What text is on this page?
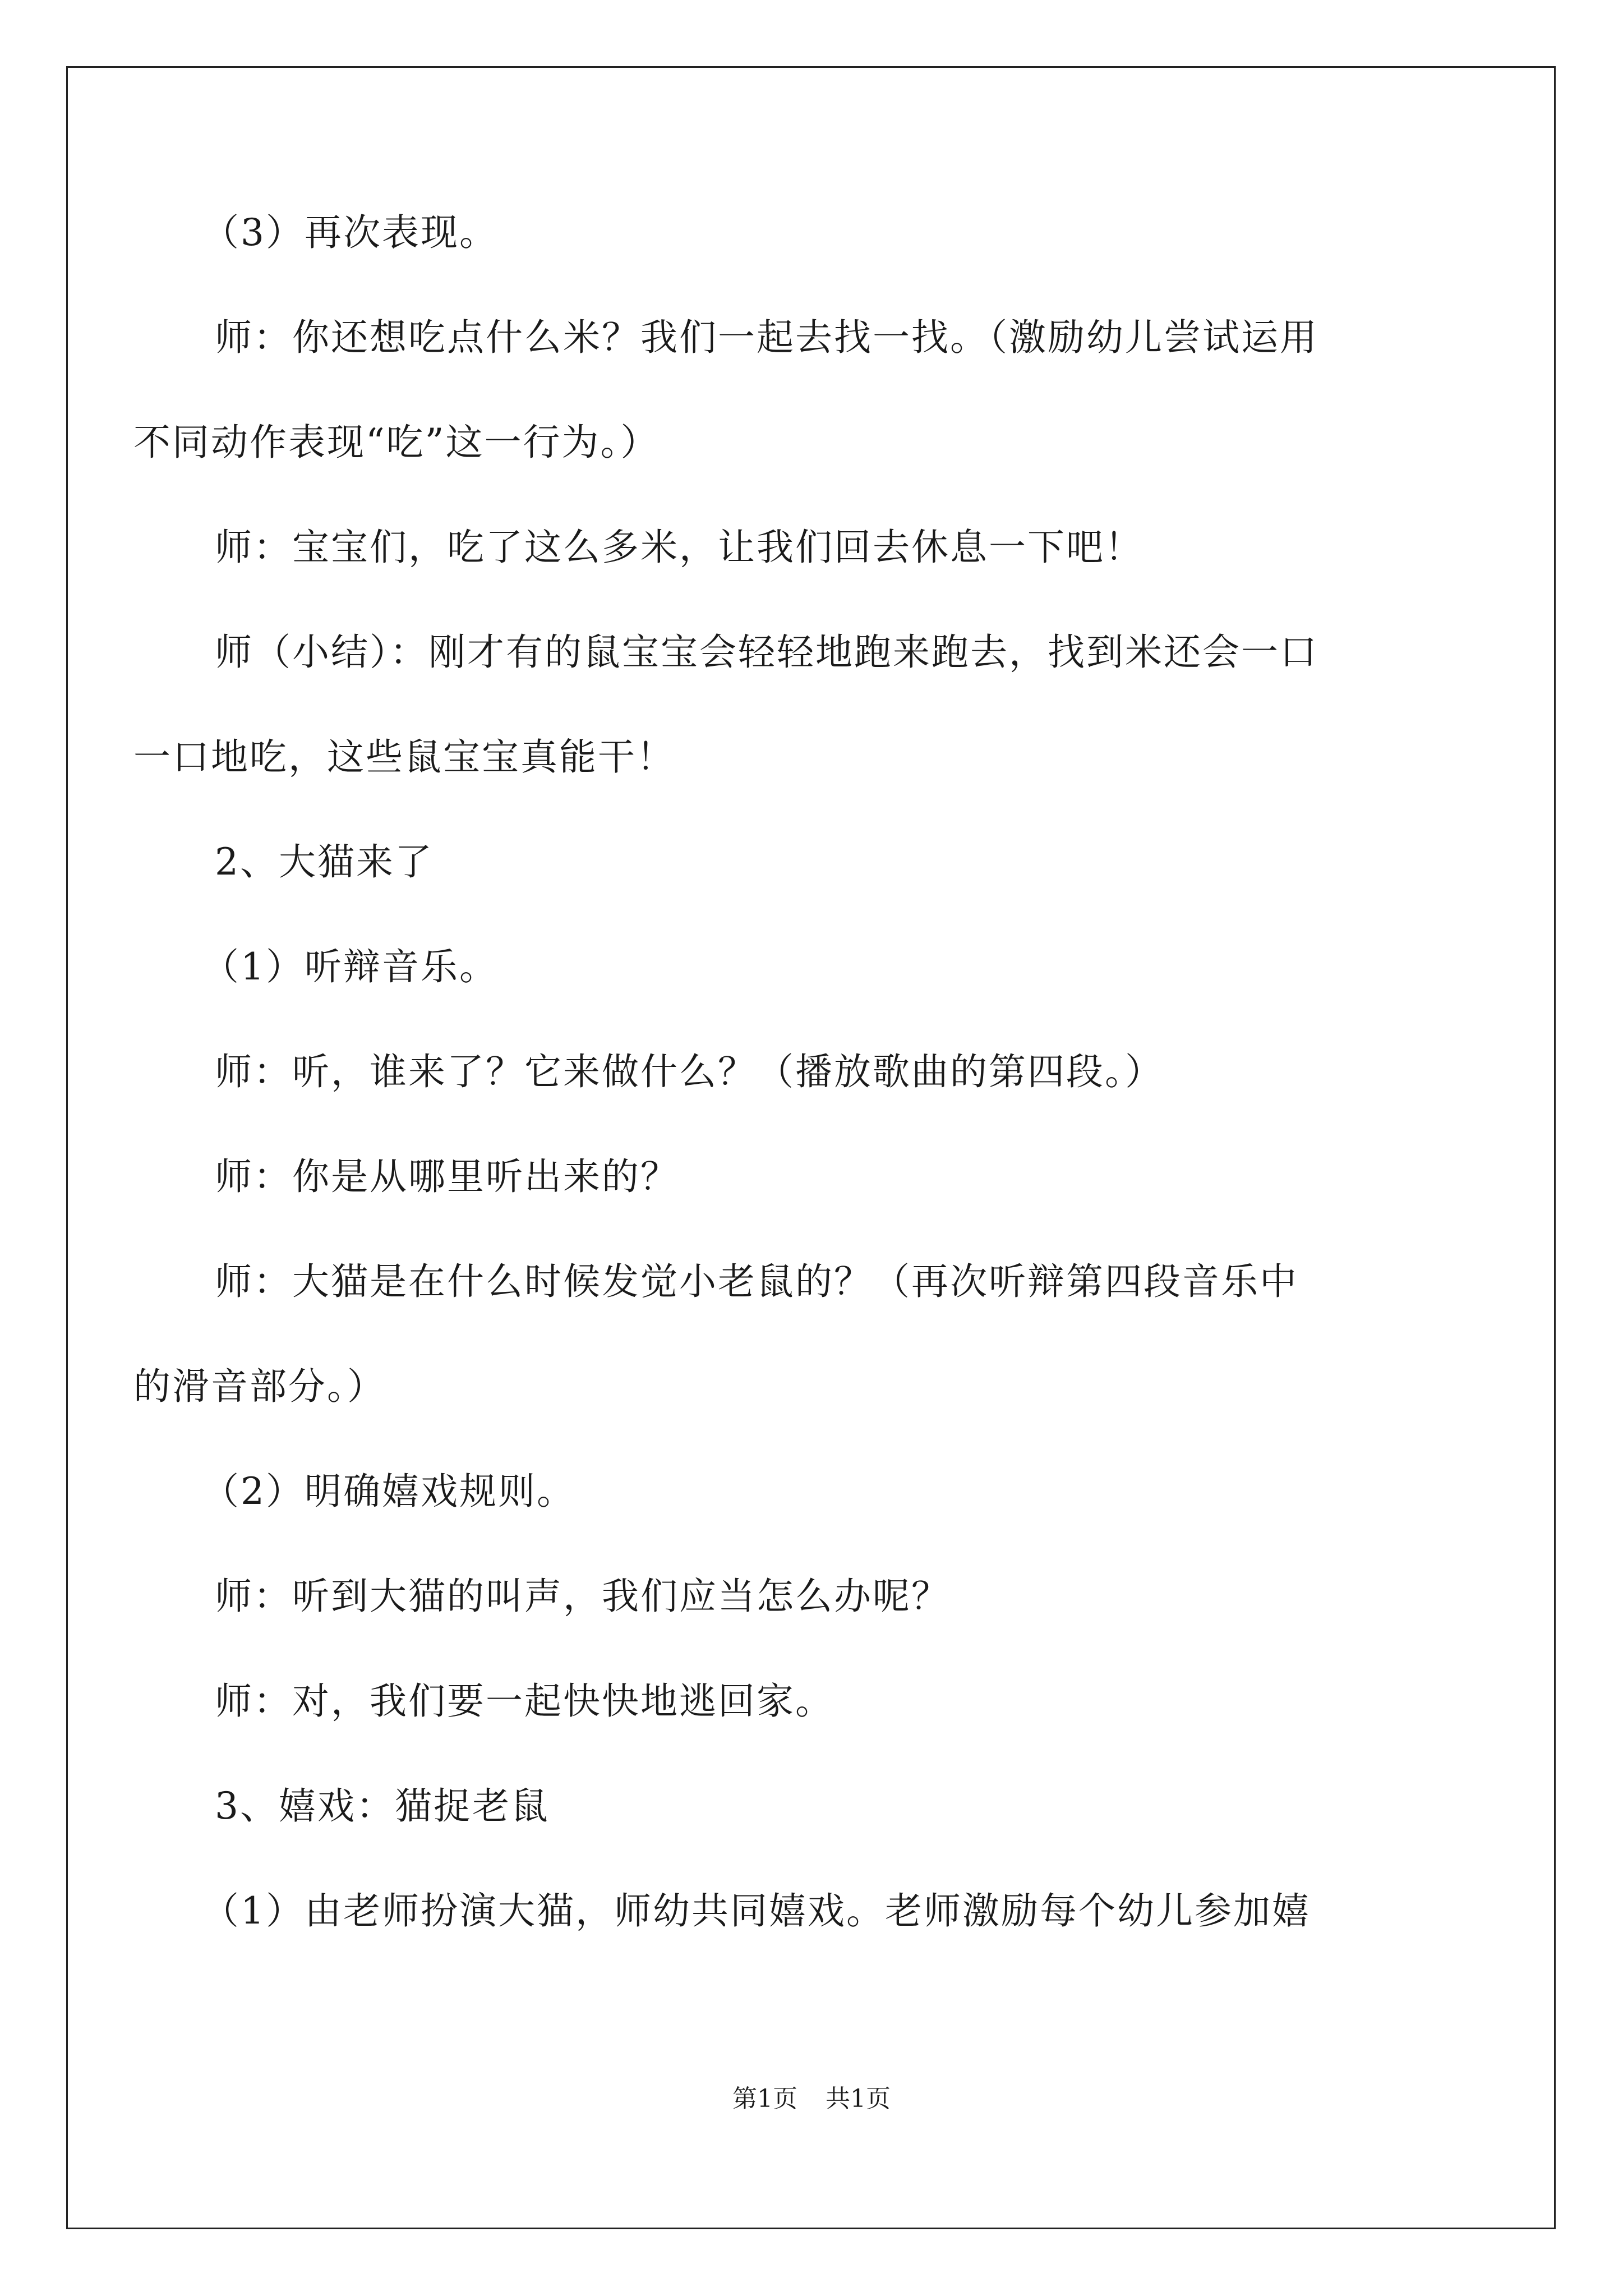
（3）再次表现。
师：你还想吃点什么米？我们一起去找一找。（激励幼儿尝试运用
不同动作表现“吃”这一行为。）
师：宝宝们，吃了这么多米，让我们回去休息一下吧！
师（小结）：刚才有的鼠宝宝会轻轻地跑来跑去，找到米还会一口
一口地吃，这些鼠宝宝真能干！
2、大猫来了
（1）听辩音乐。
师：听，谁来了？它来做什么？（播放歌曲的第四段。）
师：你是从哪里听出来的？
师：大猫是在什么时候发觉小老鼠的？（再次听辩第四段音乐中
的滑音部分。）
（2）明确嬉戏规则。
师：听到大猫的叫声，我们应当怎么办呢？
师：对，我们要一起快快地逃回家。
3、嬉戏：猫捉老鼠
（1）由老师扮演大猫，师幼共同嬉戏。老师激励每个幼儿参加嬉
第1页 共1页
